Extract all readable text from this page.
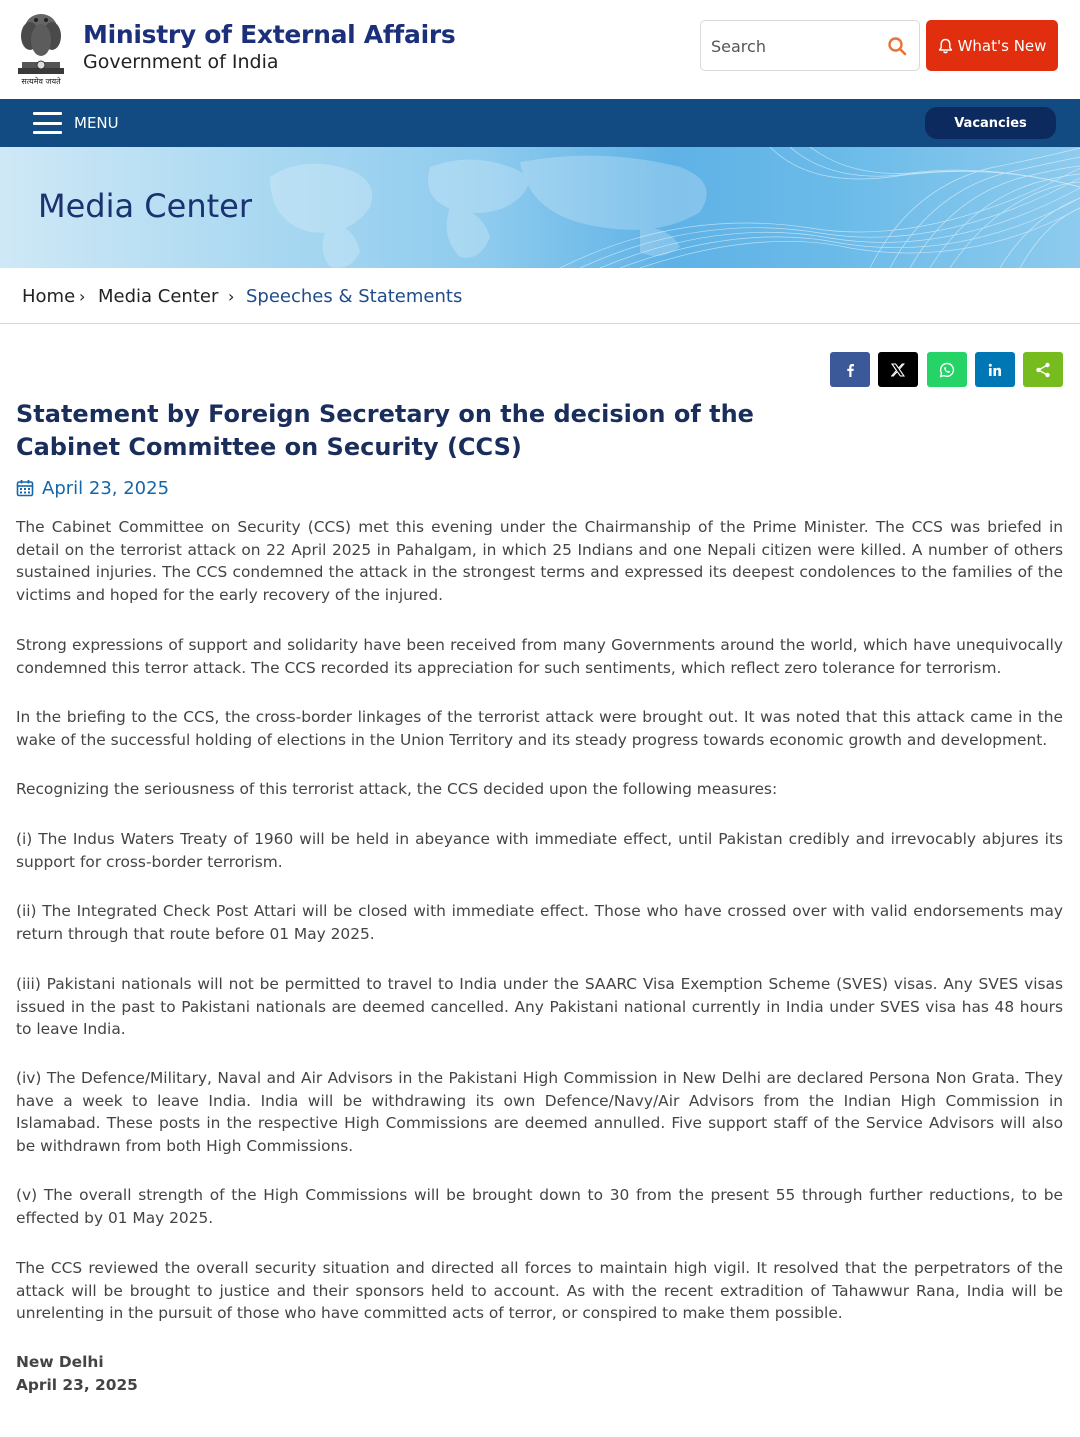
सत्यमेव जयते
Ministry of External Affairs
Government of India
Search
What's New
MENU	Vacancies
Media Center
Home › Media Center › Speeches & Statements
Statement by Foreign Secretary on the decision of the Cabinet Committee on Security (CCS)
April 23, 2025

The Cabinet Committee on Security (CCS) met this evening under the Chairmanship of the Prime Minister. The CCS was briefed in detail on the terrorist attack on 22 April 2025 in Pahalgam, in which 25 Indians and one Nepali citizen were killed. A number of others sustained injuries. The CCS condemned the attack in the strongest terms and expressed its deepest condolences to the families of the victims and hoped for the early recovery of the injured.

Strong expressions of support and solidarity have been received from many Governments around the world, which have unequivocally condemned this terror attack. The CCS recorded its appreciation for such sentiments, which reflect zero tolerance for terrorism.

In the briefing to the CCS, the cross-border linkages of the terrorist attack were brought out. It was noted that this attack came in the wake of the successful holding of elections in the Union Territory and its steady progress towards economic growth and development.

Recognizing the seriousness of this terrorist attack, the CCS decided upon the following measures:

(i) The Indus Waters Treaty of 1960 will be held in abeyance with immediate effect, until Pakistan credibly and irrevocably abjures its support for cross-border terrorism.

(ii) The Integrated Check Post Attari will be closed with immediate effect. Those who have crossed over with valid endorsements may return through that route before 01 May 2025.

(iii) Pakistani nationals will not be permitted to travel to India under the SAARC Visa Exemption Scheme (SVES) visas. Any SVES visas issued in the past to Pakistani nationals are deemed cancelled. Any Pakistani national currently in India under SVES visa has 48 hours to leave India.

(iv) The Defence/Military, Naval and Air Advisors in the Pakistani High Commission in New Delhi are declared Persona Non Grata. They have a week to leave India. India will be withdrawing its own Defence/Navy/Air Advisors from the Indian High Commission in Islamabad. These posts in the respective High Commissions are deemed annulled. Five support staff of the Service Advisors will also be withdrawn from both High Commissions.

(v) The overall strength of the High Commissions will be brought down to 30 from the present 55 through further reductions, to be effected by 01 May 2025.

The CCS reviewed the overall security situation and directed all forces to maintain high vigil. It resolved that the perpetrators of the attack will be brought to justice and their sponsors held to account. As with the recent extradition of Tahawwur Rana, India will be unrelenting in the pursuit of those who have committed acts of terror, or conspired to make them possible.

New Delhi
April 23, 2025
